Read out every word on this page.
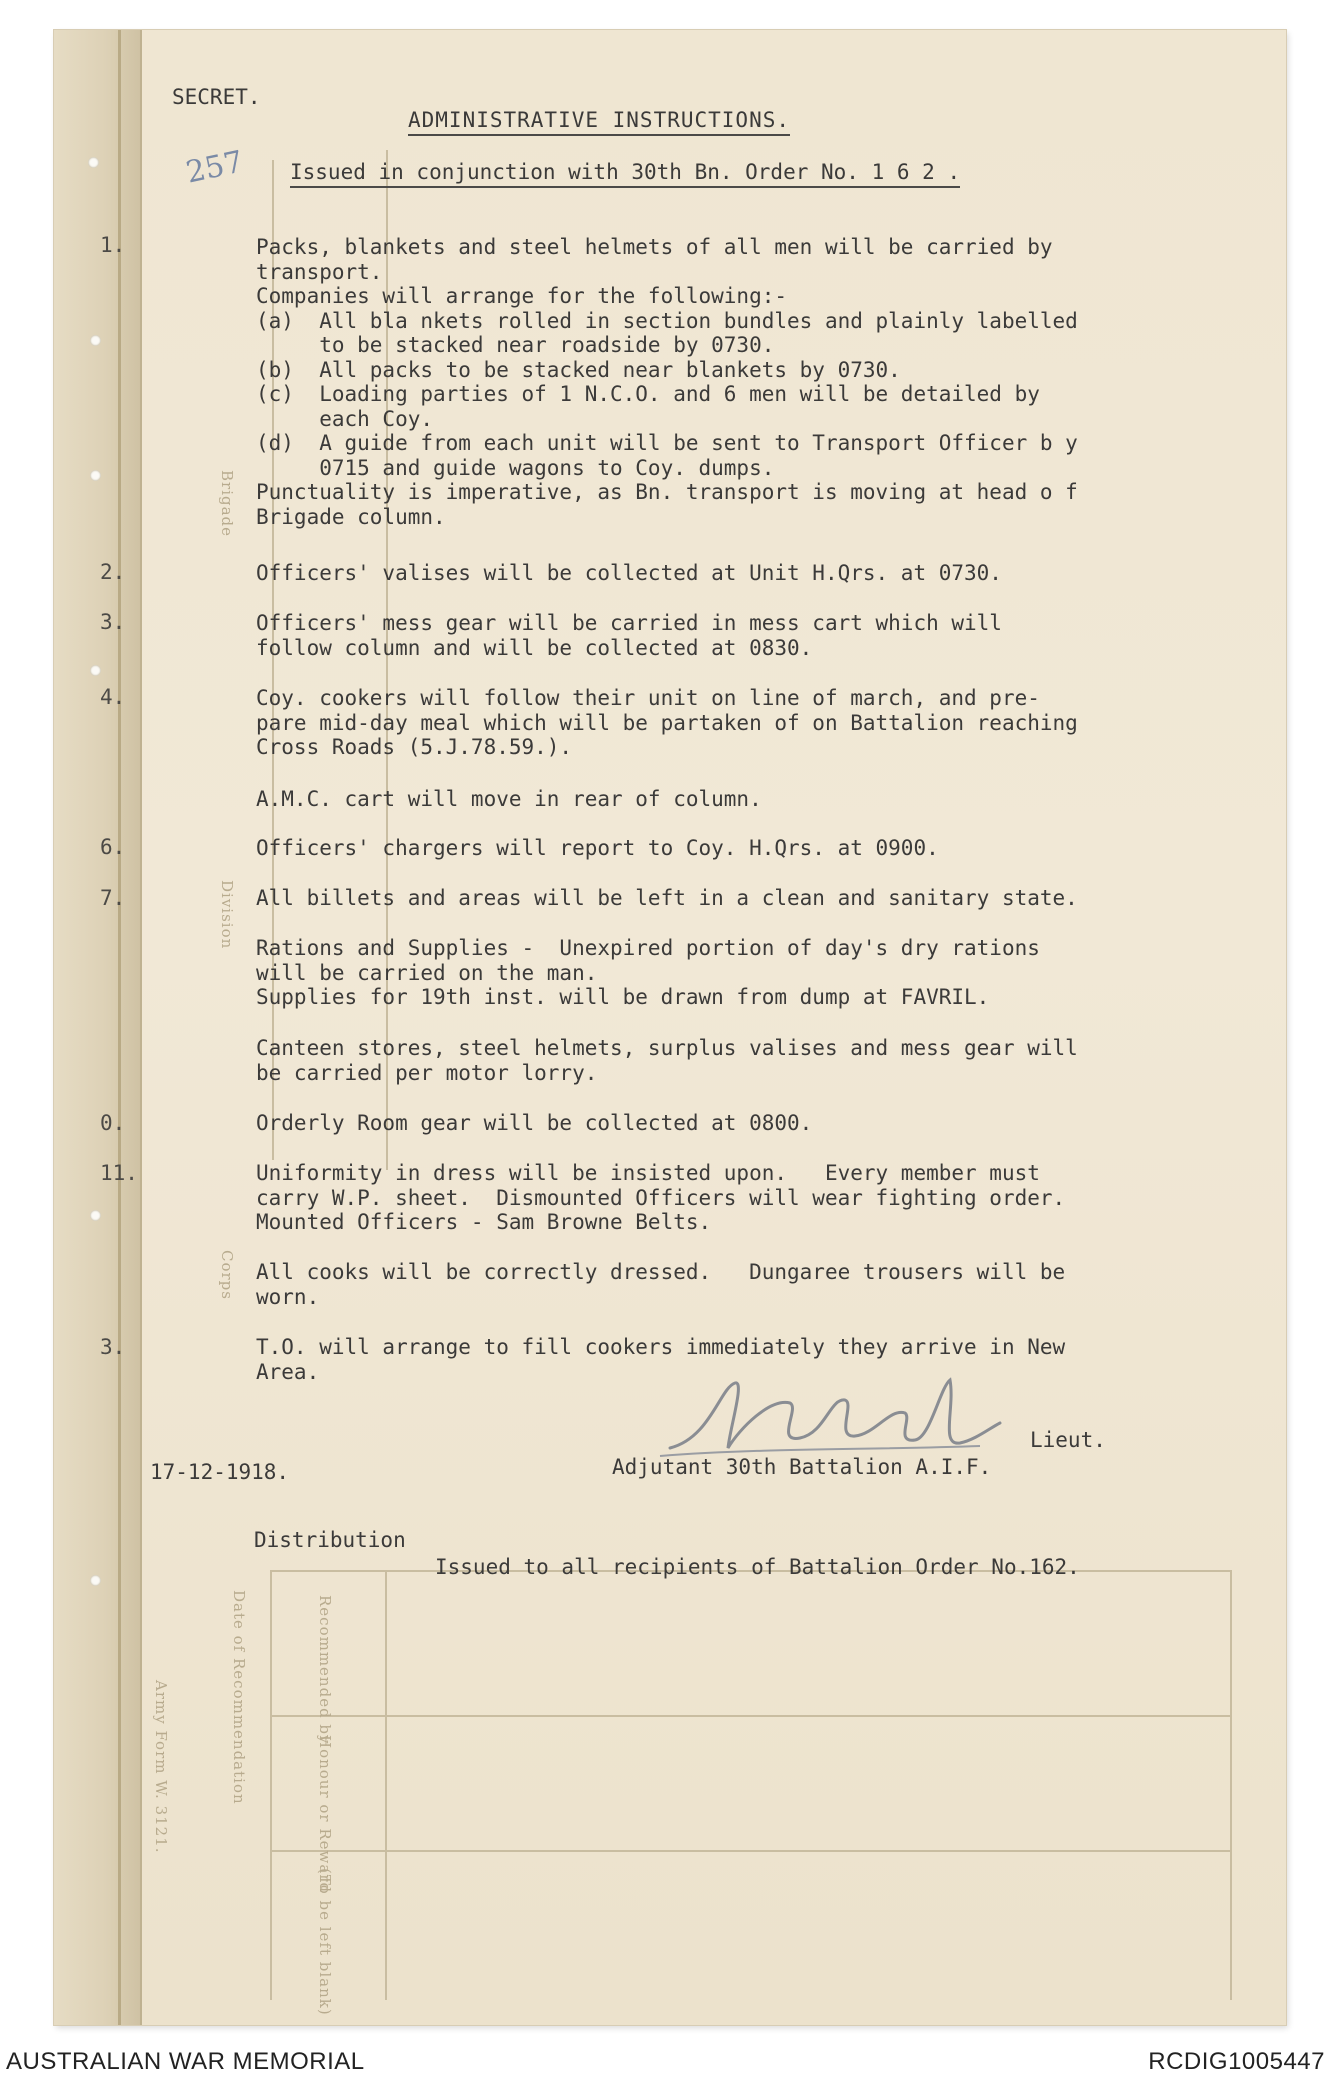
Army Form W. 3121.	Date of Recommendation	Recommended by
Honour or Reward
(To be left blank)
Brigade
Division
Corps
SECRET.
ADMINISTRATIVE INSTRUCTIONS.
Issued in conjunction with 30th Bn. Order No. 1 6 2 .
257
1.	Packs, blankets and steel helmets of all men will be carried by
transport.
Companies will arrange for the following:-
(a)  All bla nkets rolled in section bundles and plainly labelled
to be stacked near roadside by 0730.
(b)  All packs to be stacked near blankets by 0730.
(c)  Loading parties of 1 N.C.O. and 6 men will be detailed by
each Coy.
(d)  A guide from each unit will be sent to Transport Officer b y
0715 and guide wagons to Coy. dumps.
Punctuality is imperative, as Bn. transport is moving at head o f
Brigade column.
2.	Officers' valises will be collected at Unit H.Qrs. at 0730.
3.	Officers' mess gear will be carried in mess cart which will
follow column and will be collected at 0830.
4.	Coy. cookers will follow their unit on line of march, and pre-
pare mid-day meal which will be partaken of on Battalion reaching
Cross Roads (5.J.78.59.).
A.M.C. cart will move in rear of column.
6.	Officers' chargers will report to Coy. H.Qrs. at 0900.
7.	All billets and areas will be left in a clean and sanitary state.
Rations and Supplies -  Unexpired portion of day's dry rations
will be carried on the man.
Supplies for 19th inst. will be drawn from dump at FAVRIL.
Canteen stores, steel helmets, surplus valises and mess gear will
be carried per motor lorry.
0.	Orderly Room gear will be collected at 0800.
11.	Uniformity in dress will be insisted upon.   Every member must
carry W.P. sheet.  Dismounted Officers will wear fighting order.
Mounted Officers - Sam Browne Belts.
All cooks will be correctly dressed.   Dungaree trousers will be
worn.
3.	T.O. will arrange to fill cookers immediately they arrive in New
Area.
Lieut.
Adjutant 30th Battalion A.I.F.
17-12-1918.
Distribution
Issued to all recipients of Battalion Order No.162.
AUSTRALIAN WAR MEMORIAL	RCDIG1005447
